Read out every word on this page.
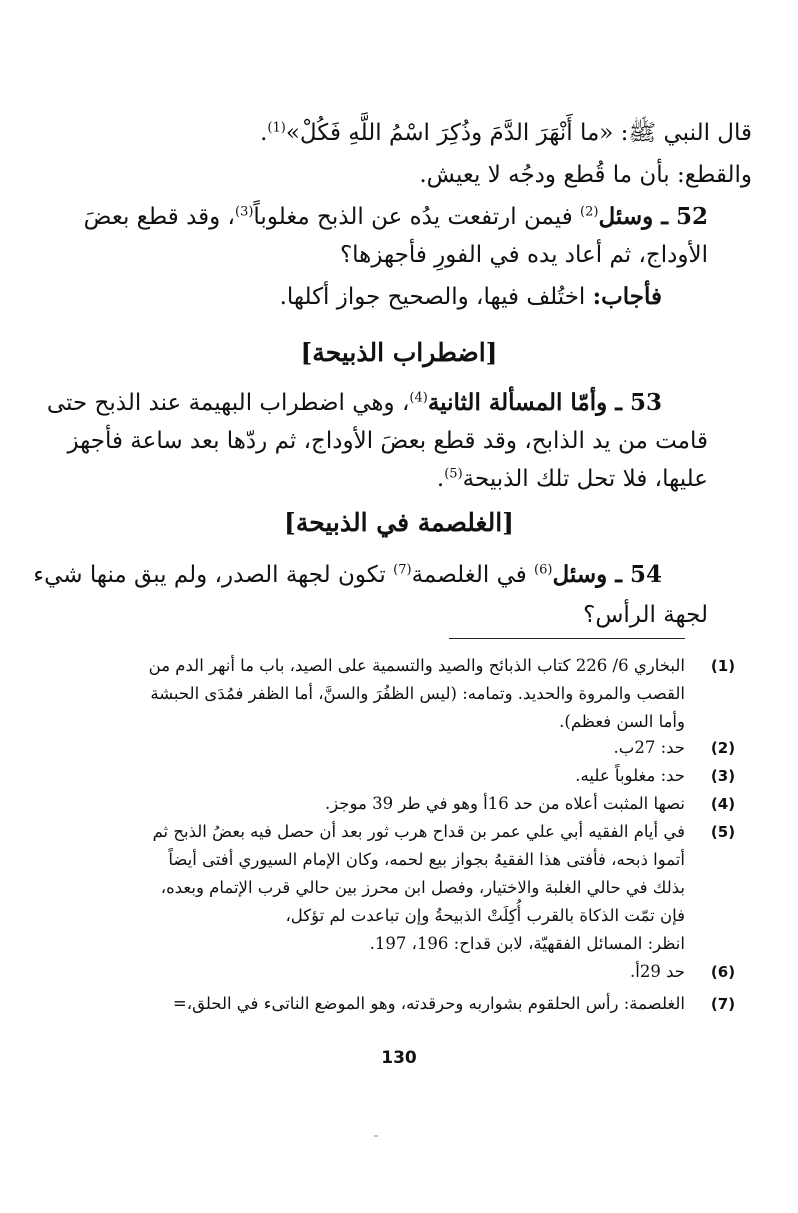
قال النبي ﷺ: «ما أَنْهَرَ الدَّمَ وذُكِرَ اسْمُ اللَّهِ فَكُلْ»$^{(1)}$.
والقطع: بأن ما قُطع ودجُه لا يعيش.
52 ـ وسئل$^{(2)}$ فيمن ارتفعت يدُه عن الذبح مغلوباً$^{(3)}$، وقد قطع بعضَ
الأوداج، ثم أعاد يده في الفورِ فأجهزها؟
فأجاب: اختُلف فيها، والصحيح جواز أكلها.
[اضطراب الذبيحة]
53 ـ وأمّا المسألة الثانية$^{(4)}$، وهي اضطراب البهيمة عند الذبح حتى
قامت من يد الذابح، وقد قطع بعضَ الأوداج، ثم ردّها بعد ساعة فأجهز
عليها، فلا تحل تلك الذبيحة$^{(5)}$.
[الغلصمة في الذبيحة]
54 ـ وسئل$^{(6)}$ في الغلصمة$^{(7)}$ تكون لجهة الصدر، ولم يبق منها شيء
لجهة الرأس؟
(1)
البخاري 6/ 226 كتاب الذبائح والصيد والتسمية على الصيد، باب ما أنهر الدم من
القصب والمروة والحديد. وتمامه: (ليس الظفُرَ والسنَّ، أما الظفر فمُدَى الحبشة
وأما السن فعظم).
(2)
حد: 27ب.
(3)
حد: مغلوباً عليه.
(4)
نصها المثبت أعلاه من حد 16أ وهو في طر 39 موجز.
(5)
في أيام الفقيه أبي علي عمر بن قداح هرب ثور بعد أن حصل فيه بعضُ الذبح ثم
أتموا ذبحه، فأفتى هذا الفقيهُ بجواز بيع لحمه، وكان الإمام السيوري أفتى أيضاً
بذلك في حالي الغلبة والاختيار، وفصل ابن محرز بين حالي قرب الإتمام وبعده،
فإن تمّت الذكاة بالقرب أُكِلَتْ الذبيحةُ وإن تباعدت لم تؤكل،
انظر: المسائل الفقهيّة، لابن قداح: 196، 197.
(6)
حد 29أ.
(7)
الغلصمة: رأس الحلقوم بشواربه وحرقدته، وهو الموضع الناتىء في الحلق،=
130
